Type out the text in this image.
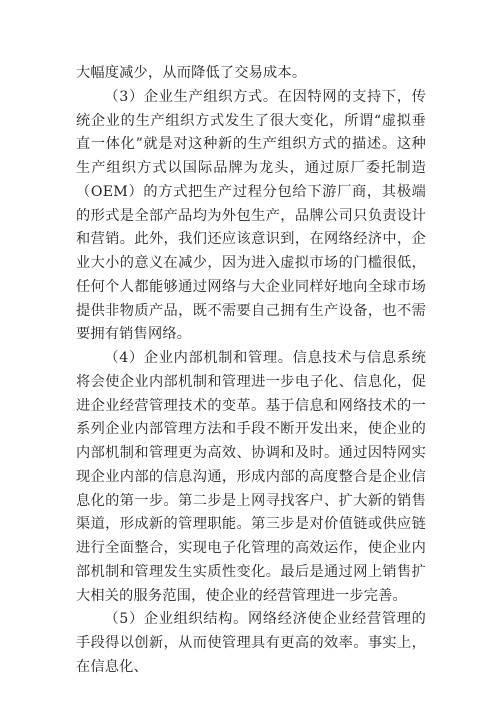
大幅度减少，从而降低了交易成本。

（3）企业生产组织方式。在因特网的支持下，传统企业的生产组织方式发生了很大变化，所谓“虚拟垂直一体化”就是对这种新的生产组织方式的描述。这种生产组织方式以国际品牌为龙头，通过原厂委托制造（OEM）的方式把生产过程分包给下游厂商，其极端的形式是全部产品均为外包生产，品牌公司只负责设计和营销。此外，我们还应该意识到，在网络经济中，企业大小的意义在减少，因为进入虚拟市场的门槛很低，任何个人都能够通过网络与大企业同样好地向全球市场提供非物质产品，既不需要自己拥有生产设备，也不需要拥有销售网络。

（4）企业内部机制和管理。信息技术与信息系统将会使企业内部机制和管理进一步电子化、信息化，促进企业经营管理技术的变革。基于信息和网络技术的一系列企业内部管理方法和手段不断开发出来，使企业的内部机制和管理更为高效、协调和及时。通过因特网实现企业内部的信息沟通，形成内部的高度整合是企业信息化的第一步。第二步是上网寻找客户、扩大新的销售渠道，形成新的管理职能。第三步是对价值链或供应链进行全面整合，实现电子化管理的高效运作，使企业内部机制和管理发生实质性变化。最后是通过网上销售扩大相关的服务范围，使企业的经营管理进一步完善。

（5）企业组织结构。网络经济使企业经营管理的手段得以创新，从而使管理具有更高的效率。事实上，在信息化、
